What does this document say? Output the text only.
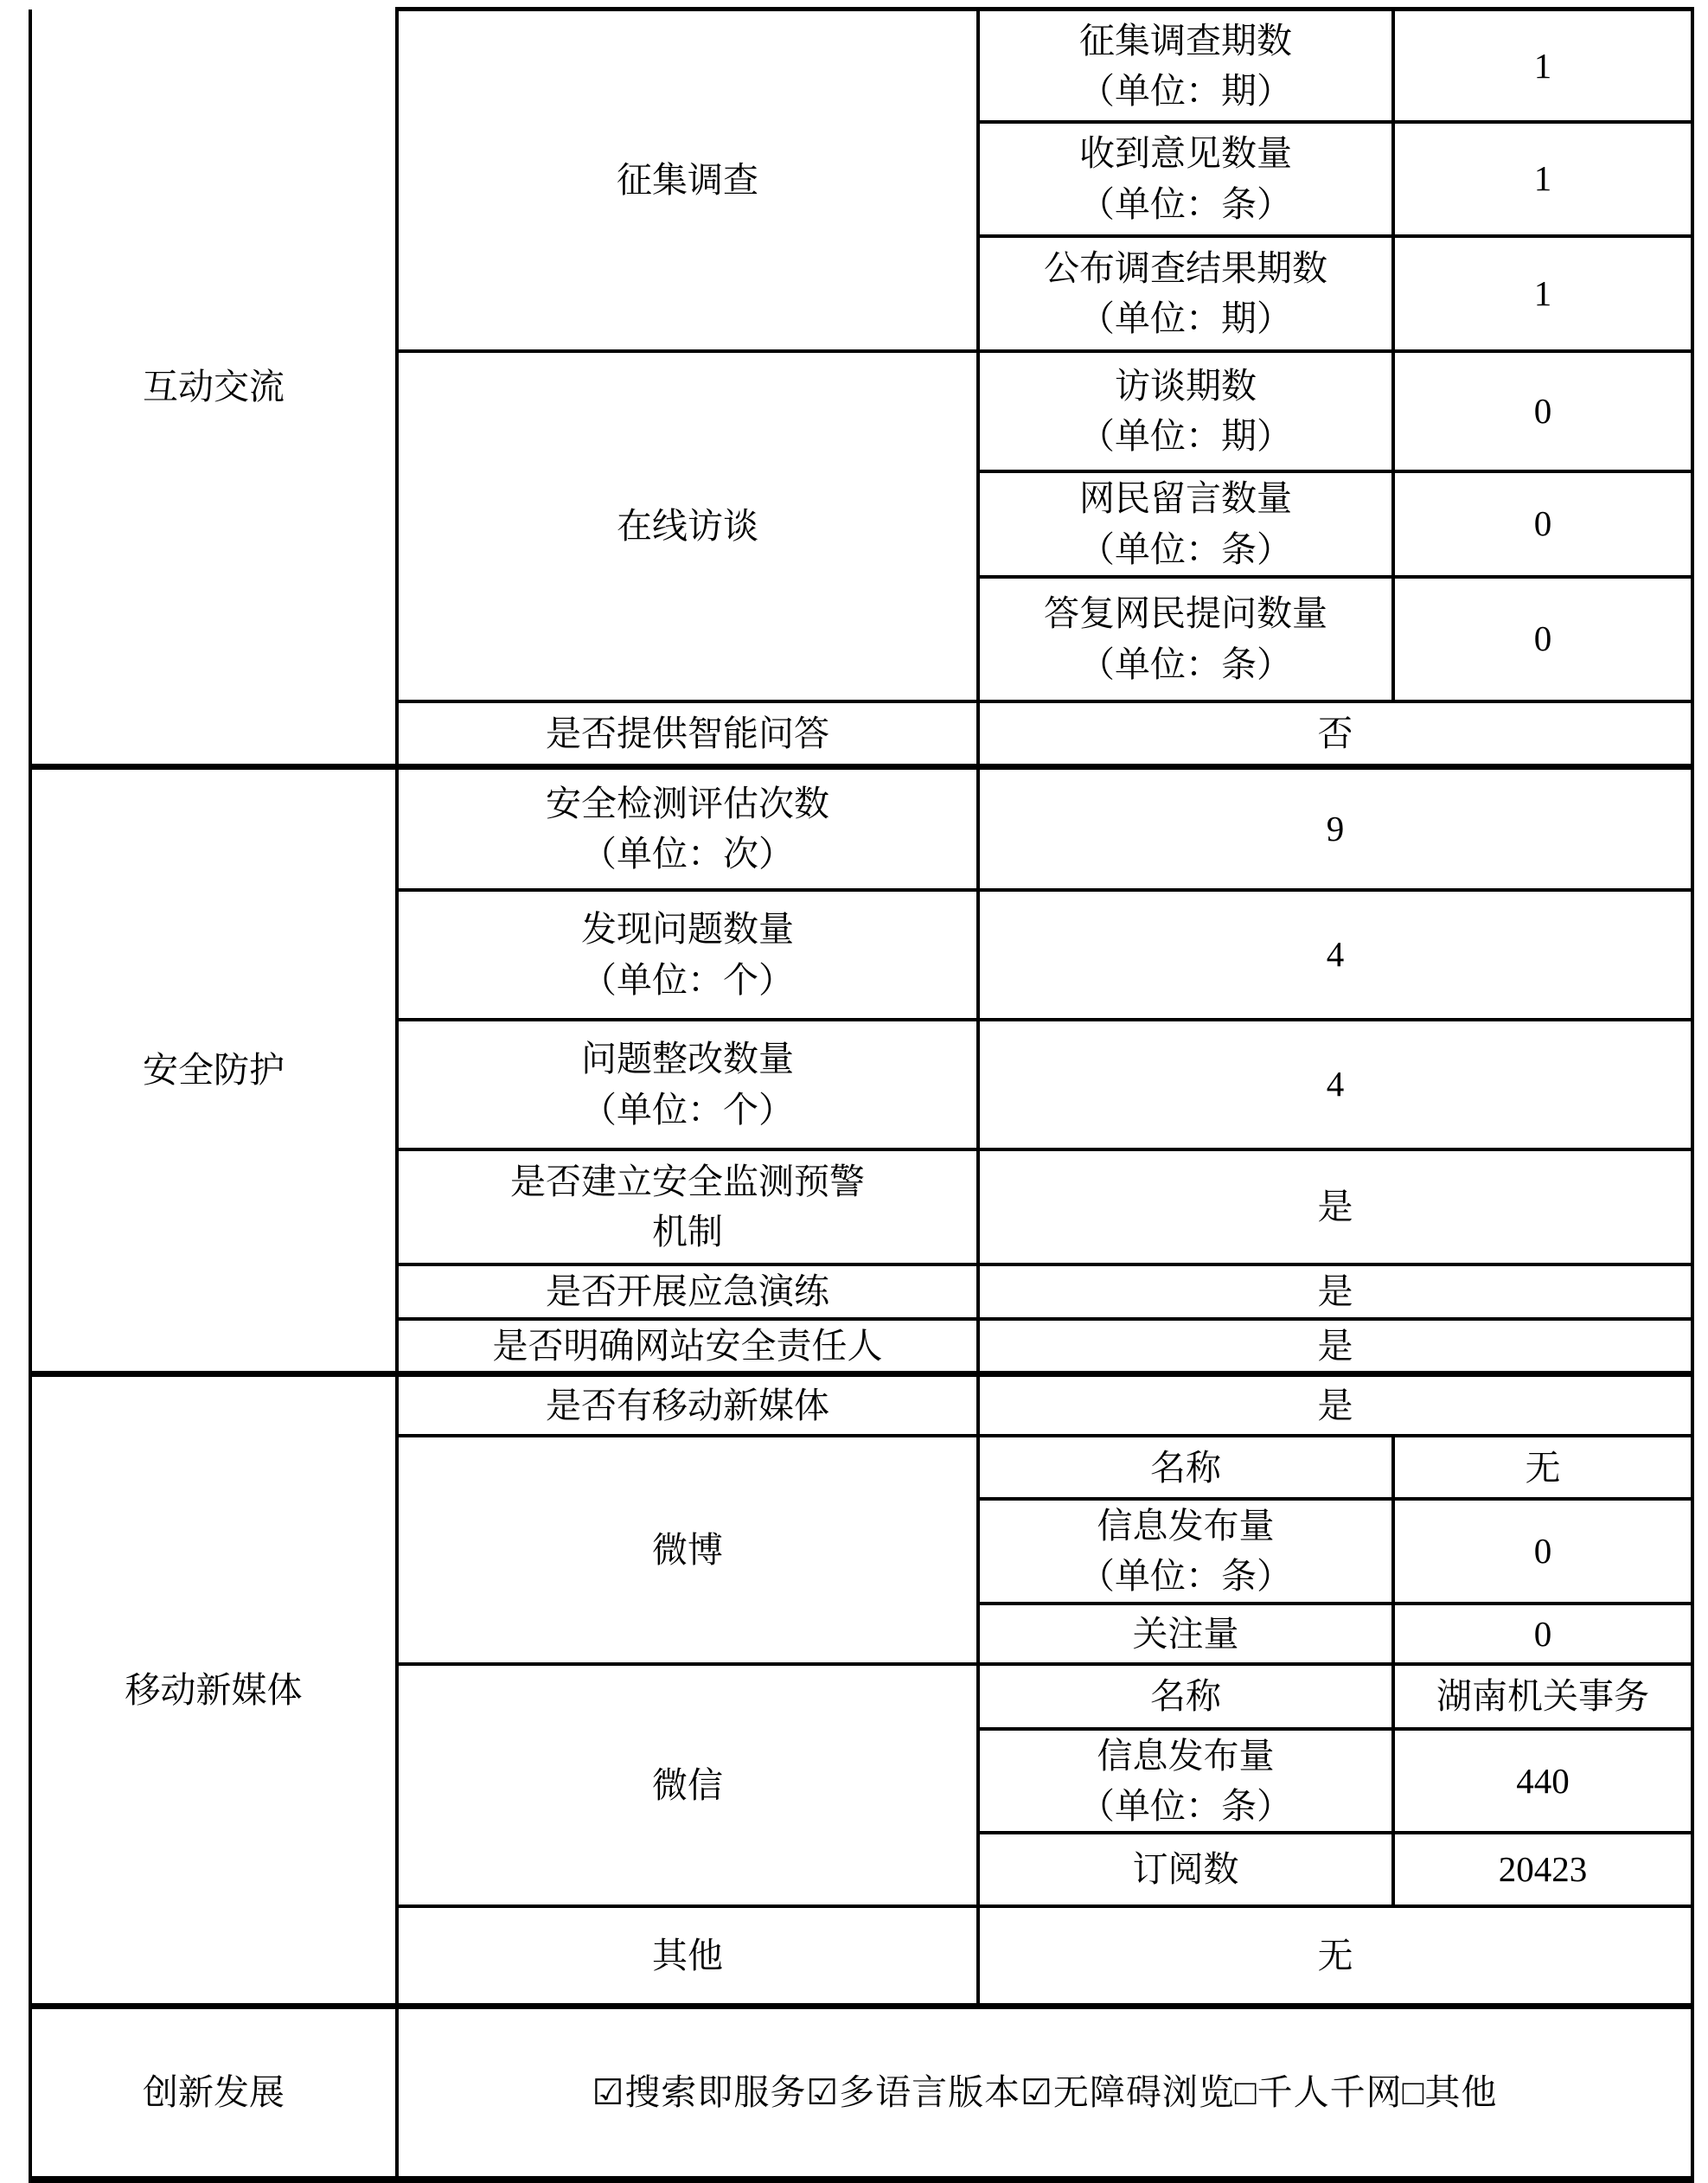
互动交流	征集调查	征集调查期数
（单位：期）	1

		收到意见数量
（单位：条）	1

		公布调查结果期数
（单位：期）	1
	在线访谈	访谈期数
（单位：期）	0

		网民留言数量
（单位：条）	0

		答复网民提问数量
（单位：条）	0
	是否提供智能问答	否	
安全防护	安全检测评估次数
（单位：次）	9	

	发现问题数量
（单位：个）	4	

	问题整改数量
（单位：个）	4	

	是否建立安全监测预警
机制	是	
	是否开展应急演练	是	
	是否明确网站安全责任人	是	
移动新媒体	是否有移动新媒体	是	
	微博	名称	无

		信息发布量
（单位：条）	0
		关注量	0
	微信	名称	湖南机关事务

		信息发布量
（单位：条）	440
		订阅数	20423
	其他	无	
创新发展	☑搜索即服务☑多语言版本☑无障碍浏览□千人千网□其他		
